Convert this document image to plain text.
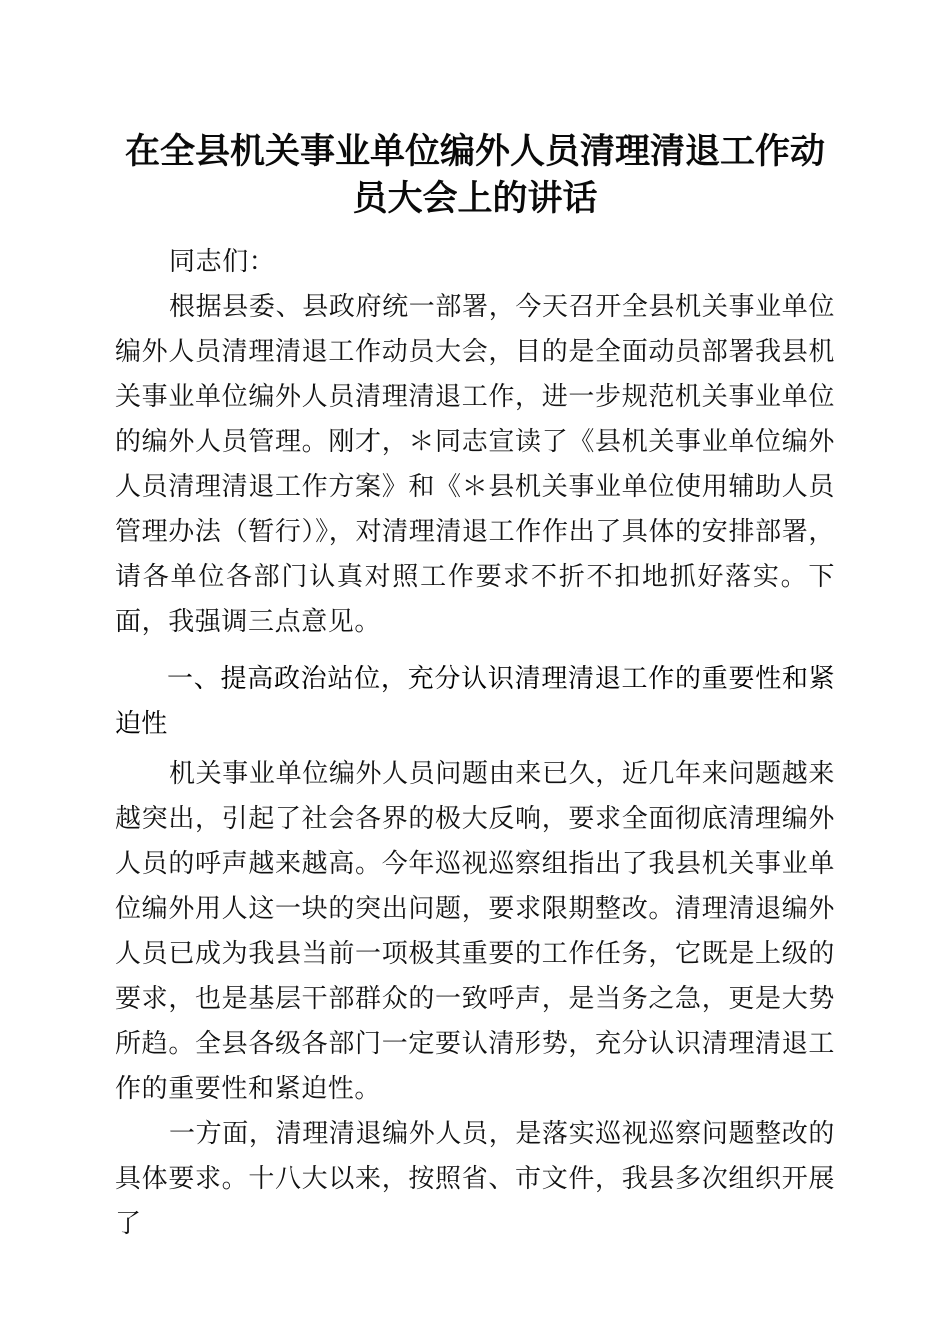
在全县机关事业单位编外人员清理清退工作动员大会上的讲话

同志们：

根据县委、县政府统一部署，今天召开全县机关事业单位编外人员清理清退工作动员大会，目的是全面动员部署我县机关事业单位编外人员清理清退工作，进一步规范机关事业单位的编外人员管理。刚才，＊同志宣读了《县机关事业单位编外人员清理清退工作方案》和《＊县机关事业单位使用辅助人员管理办法（暂行）》，对清理清退工作作出了具体的安排部署，请各单位各部门认真对照工作要求不折不扣地抓好落实。下面，我强调三点意见。

一、提高政治站位，充分认识清理清退工作的重要性和紧迫性

机关事业单位编外人员问题由来已久，近几年来问题越来越突出，引起了社会各界的极大反响，要求全面彻底清理编外人员的呼声越来越高。今年巡视巡察组指出了我县机关事业单位编外用人这一块的突出问题，要求限期整改。清理清退编外人员已成为我县当前一项极其重要的工作任务，它既是上级的要求，也是基层干部群众的一致呼声，是当务之急，更是大势所趋。全县各级各部门一定要认清形势，充分认识清理清退工作的重要性和紧迫性。

一方面，清理清退编外人员，是落实巡视巡察问题整改的具体要求。十八大以来，按照省、市文件，我县多次组织开展了
